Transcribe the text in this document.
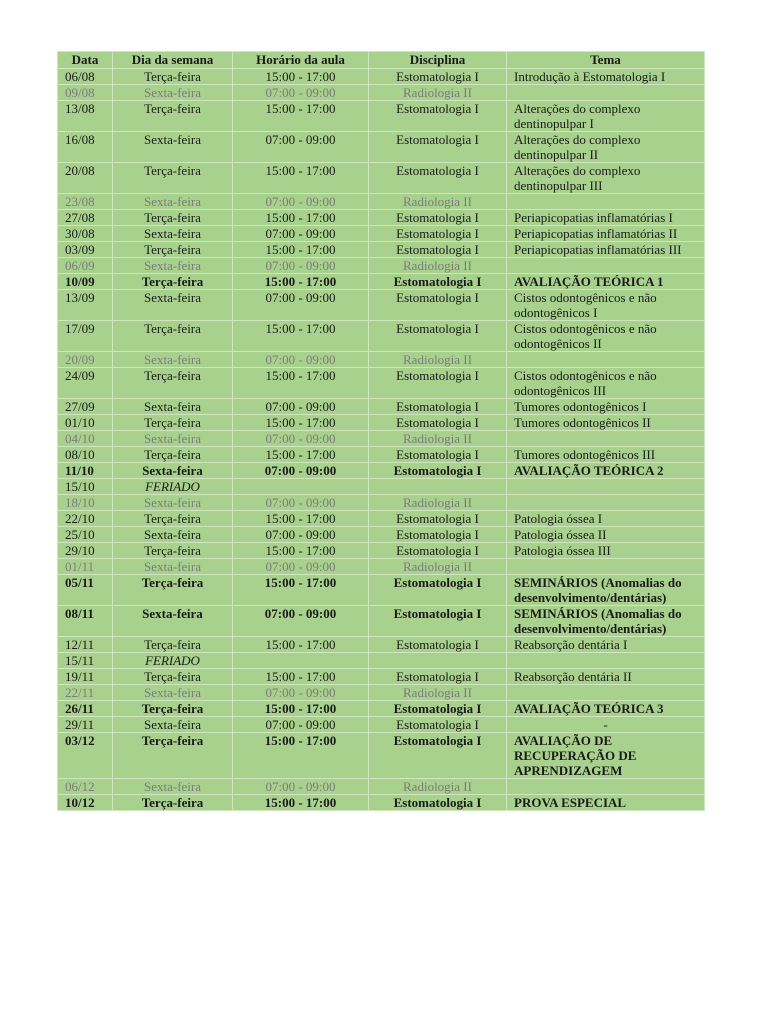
Data	Dia da semana	Horário da aula	Disciplina	Tema
06/08	Terça-feira	15:00 - 17:00	Estomatologia I	Introdução à Estomatologia I
09/08	Sexta-feira	07:00 - 09:00	Radiologia II	
13/08	Terça-feira	15:00 - 17:00	Estomatologia I	Alterações do complexo dentinopulpar I
16/08	Sexta-feira	07:00 - 09:00	Estomatologia I	Alterações do complexo dentinopulpar II
20/08	Terça-feira	15:00 - 17:00	Estomatologia I	Alterações do complexo dentinopulpar III
23/08	Sexta-feira	07:00 - 09:00	Radiologia II	
27/08	Terça-feira	15:00 - 17:00	Estomatologia I	Periapicopatias inflamatórias I
30/08	Sexta-feira	07:00 - 09:00	Estomatologia I	Periapicopatias inflamatórias II
03/09	Terça-feira	15:00 - 17:00	Estomatologia I	Periapicopatias inflamatórias III
06/09	Sexta-feira	07:00 - 09:00	Radiologia II	
10/09	Terça-feira	15:00 - 17:00	Estomatologia I	AVALIAÇÃO TEÓRICA 1
13/09	Sexta-feira	07:00 - 09:00	Estomatologia I	Cistos odontogênicos e não odontogênicos I
17/09	Terça-feira	15:00 - 17:00	Estomatologia I	Cistos odontogênicos e não odontogênicos II
20/09	Sexta-feira	07:00 - 09:00	Radiologia II	
24/09	Terça-feira	15:00 - 17:00	Estomatologia I	Cistos odontogênicos e não odontogênicos III
27/09	Sexta-feira	07:00 - 09:00	Estomatologia I	Tumores odontogênicos I
01/10	Terça-feira	15:00 - 17:00	Estomatologia I	Tumores odontogênicos II
04/10	Sexta-feira	07:00 - 09:00	Radiologia II	
08/10	Terça-feira	15:00 - 17:00	Estomatologia I	Tumores odontogênicos III
11/10	Sexta-feira	07:00 - 09:00	Estomatologia I	AVALIAÇÃO TEÓRICA 2
15/10	FERIADO			
18/10	Sexta-feira	07:00 - 09:00	Radiologia II	
22/10	Terça-feira	15:00 - 17:00	Estomatologia I	Patologia óssea I
25/10	Sexta-feira	07:00 - 09:00	Estomatologia I	Patologia óssea II
29/10	Terça-feira	15:00 - 17:00	Estomatologia I	Patologia óssea III
01/11	Sexta-feira	07:00 - 09:00	Radiologia II	
05/11	Terça-feira	15:00 - 17:00	Estomatologia I	SEMINÁRIOS (Anomalias do desenvolvimento/dentárias)
08/11	Sexta-feira	07:00 - 09:00	Estomatologia I	SEMINÁRIOS (Anomalias do desenvolvimento/dentárias)
12/11	Terça-feira	15:00 - 17:00	Estomatologia I	Reabsorção dentária I
15/11	FERIADO			
19/11	Terça-feira	15:00 - 17:00	Estomatologia I	Reabsorção dentária II
22/11	Sexta-feira	07:00 - 09:00	Radiologia II	
26/11	Terça-feira	15:00 - 17:00	Estomatologia I	AVALIAÇÃO TEÓRICA 3
29/11	Sexta-feira	07:00 - 09:00	Estomatologia I	-
03/12	Terça-feira	15:00 - 17:00	Estomatologia I	AVALIAÇÃO DE RECUPERAÇÃO DE APRENDIZAGEM
06/12	Sexta-feira	07:00 - 09:00	Radiologia II	
10/12	Terça-feira	15:00 - 17:00	Estomatologia I	PROVA ESPECIAL
